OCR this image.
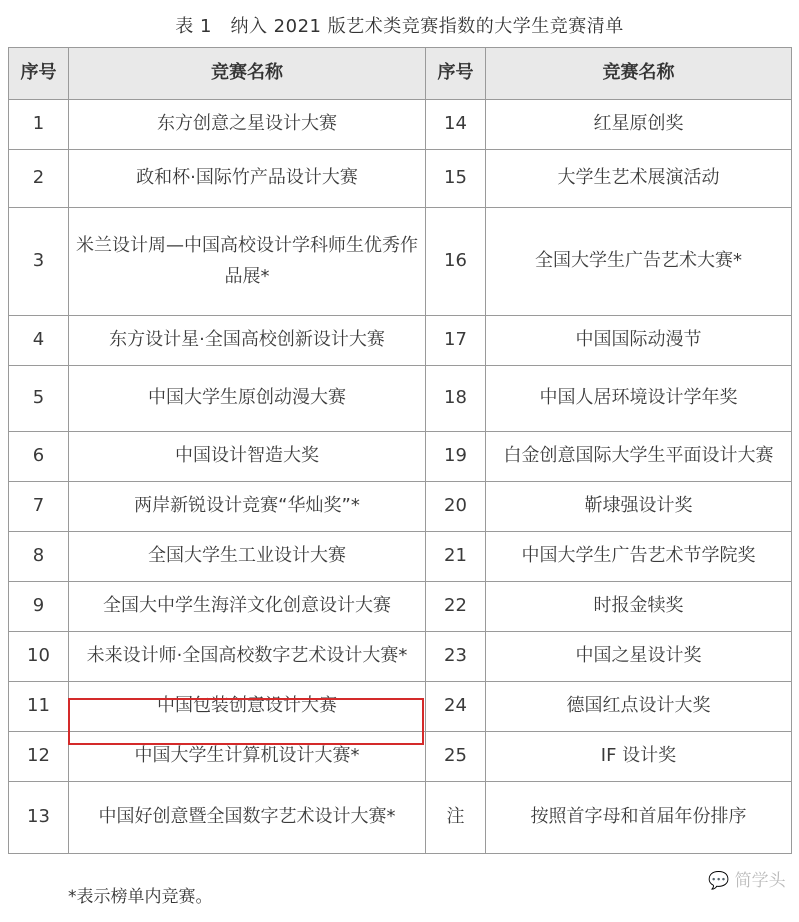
表 1　纳入 2021 版艺术类竞赛指数的大学生竞赛清单
序号	竞赛名称	序号	竞赛名称
1	东方创意之星设计大赛	14	红星原创奖
2	政和杯·国际竹产品设计大赛	15	大学生艺术展演活动
3	米兰设计周—中国高校设计学科师生优秀作品展*	16	全国大学生广告艺术大赛*
4	东方设计星·全国高校创新设计大赛	17	中国国际动漫节
5	中国大学生原创动漫大赛	18	中国人居环境设计学年奖
6	中国设计智造大奖	19	白金创意国际大学生平面设计大赛
7	两岸新锐设计竞赛“华灿奖”*	20	靳埭强设计奖
8	全国大学生工业设计大赛	21	中国大学生广告艺术节学院奖
9	全国大中学生海洋文化创意设计大赛	22	时报金犊奖
10	未来设计师·全国高校数字艺术设计大赛*	23	中国之星设计奖
11	中国包装创意设计大赛	24	德国红点设计大奖
12	中国大学生计算机设计大赛*	25	IF 设计奖
13	中国好创意暨全国数字艺术设计大赛*	注	按照首字母和首届年份排序
*表示榜单内竞赛。
💬 简学头
